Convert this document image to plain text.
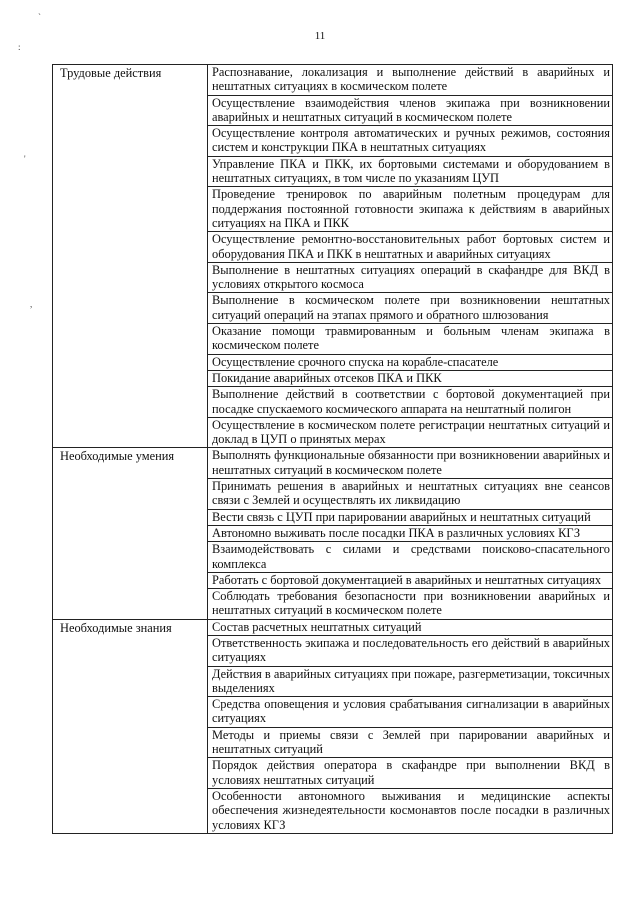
11
`
:
'
,
Трудовые действия	Распознавание, локализация и выполнение действий в аварийных и нештатных ситуациях в космическом полете
	Осуществление взаимодействия членов экипажа при возникновении аварийных и нештатных ситуаций в космическом полете
	Осуществление контроля автоматических и ручных режимов, состояния систем и конструкции ПКА в нештатных ситуациях
	Управление ПКА и ПКК, их бортовыми системами и оборудованием в нештатных ситуациях, в том числе по указаниям ЦУП
	Проведение тренировок по аварийным полетным процедурам для поддержания постоянной готовности экипажа к действиям в аварийных ситуациях на ПКА и ПКК
	Осуществление ремонтно-восстановительных работ бортовых систем и оборудования ПКА и ПКК в нештатных и аварийных ситуациях
	Выполнение в нештатных ситуациях операций в скафандре для ВКД в условиях открытого космоса
	Выполнение в космическом полете при возникновении нештатных ситуаций операций на этапах прямого и обратного шлюзования
	Оказание помощи травмированным и больным членам экипажа в космическом полете
	Осуществление срочного спуска на корабле-спасателе
	Покидание аварийных отсеков ПКА и ПКК
	Выполнение действий в соответствии с бортовой документацией при посадке спускаемого космического аппарата на нештатный полигон
	Осуществление в космическом полете регистрации нештатных ситуаций и доклад в ЦУП о принятых мерах
Необходимые умения	Выполнять функциональные обязанности при возникновении аварийных и нештатных ситуаций в космическом полете
	Принимать решения в аварийных и нештатных ситуациях вне сеансов связи с Землей и осуществлять их ликвидацию
	Вести связь с ЦУП при парировании аварийных и нештатных ситуаций
	Автономно выживать после посадки ПКА в различных условиях КГЗ
	Взаимодействовать с силами и средствами поисково-спасательного комплекса
	Работать с бортовой документацией в аварийных и нештатных ситуациях
	Соблюдать требования безопасности при возникновении аварийных и нештатных ситуаций в космическом полете
Необходимые знания	Состав расчетных нештатных ситуаций
	Ответственность экипажа и последовательность его действий в аварийных ситуациях
	Действия в аварийных ситуациях при пожаре, разгерметизации, токсичных выделениях
	Средства оповещения и условия срабатывания сигнализации в аварийных ситуациях
	Методы и приемы связи с Землей при парировании аварийных и нештатных ситуаций
	Порядок действия оператора в скафандре при выполнении ВКД в условиях нештатных ситуаций
	Особенности автономного выживания и медицинские аспекты обеспечения жизнедеятельности космонавтов после посадки в различных условиях КГЗ
